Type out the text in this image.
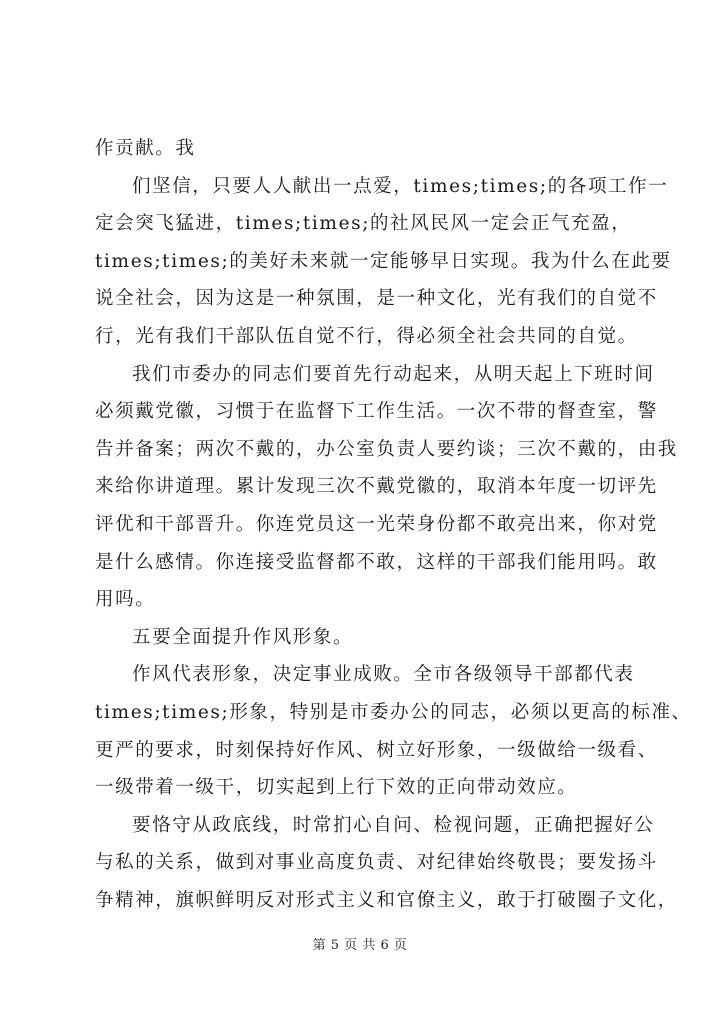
作贡献。我
们坚信，只要人人献出一点爱，times;times;的各项工作一
定会突飞猛进，times;times;的社风民风一定会正气充盈，
times;times;的美好未来就一定能够早日实现。我为什么在此要
说全社会，因为这是一种氛围，是一种文化，光有我们的自觉不
行，光有我们干部队伍自觉不行，得必须全社会共同的自觉。
我们市委办的同志们要首先行动起来，从明天起上下班时间
必须戴党徽，习惯于在监督下工作生活。一次不带的督查室，警
告并备案；两次不戴的，办公室负责人要约谈；三次不戴的，由我
来给你讲道理。累计发现三次不戴党徽的，取消本年度一切评先
评优和干部晋升。你连党员这一光荣身份都不敢亮出来，你对党
是什么感情。你连接受监督都不敢，这样的干部我们能用吗。敢
用吗。
五要全面提升作风形象。
作风代表形象，决定事业成败。全市各级领导干部都代表
times;times;形象，特别是市委办公的同志，必须以更高的标准、
更严的要求，时刻保持好作风、树立好形象，一级做给一级看、
一级带着一级干，切实起到上行下效的正向带动效应。
要恪守从政底线，时常扪心自问、检视问题，正确把握好公
与私的关系，做到对事业高度负责、对纪律始终敬畏；要发扬斗
争精神，旗帜鲜明反对形式主义和官僚主义，敢于打破圈子文化，
第 5 页 共 6 页
